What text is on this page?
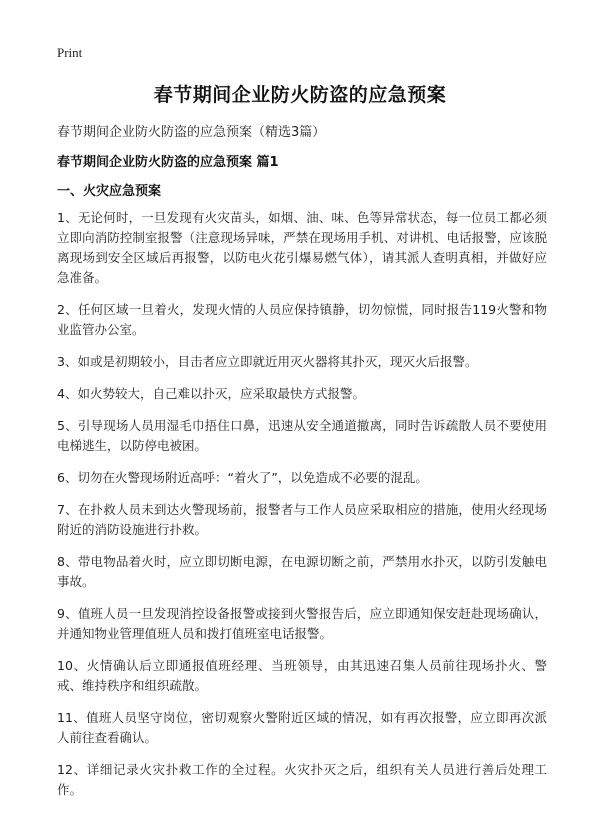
Print
春节期间企业防火防盗的应急预案

春节期间企业防火防盗的应急预案（精选3篇）

春节期间企业防火防盗的应急预案 篇1
一、火灾应急预案
1、无论何时，一旦发现有火灾苗头，如烟、油、味、色等异常状态，每一位员工都必须立即向消防控制室报警（注意现场异味，严禁在现场用手机、对讲机、电话报警，应该脱离现场到安全区域后再报警，以防电火花引爆易燃气体），请其派人查明真相，并做好应急准备。
2、任何区域一旦着火，发现火情的人员应保持镇静，切勿惊慌，同时报告119火警和物业监管办公室。
3、如或是初期较小，目击者应立即就近用灭火器将其扑灭，现灭火后报警。
4、如火势较大，自己难以扑灭，应采取最快方式报警。
5、引导现场人员用湿毛巾捂住口鼻，迅速从安全通道撤离，同时告诉疏散人员不要使用电梯逃生，以防停电被困。
6、切勿在火警现场附近高呼：“着火了”，以免造成不必要的混乱。
7、在扑救人员未到达火警现场前，报警者与工作人员应采取相应的措施，使用火经现场附近的消防设施进行扑救。
8、带电物品着火时，应立即切断电源，在电源切断之前，严禁用水扑灭，以防引发触电事故。
9、值班人员一旦发现消控设备报警或接到火警报告后，应立即通知保安赶赴现场确认，并通知物业管理值班人员和拨打值班室电话报警。
10、火情确认后立即通报值班经理、当班领导，由其迅速召集人员前往现场扑火、警戒、维持秩序和组织疏散。
11、值班人员坚守岗位，密切观察火警附近区域的情况，如有再次报警，应立即再次派人前往查看确认。
12、详细记录火灾扑救工作的全过程。火灾扑灭之后，组织有关人员进行善后处理工作。
